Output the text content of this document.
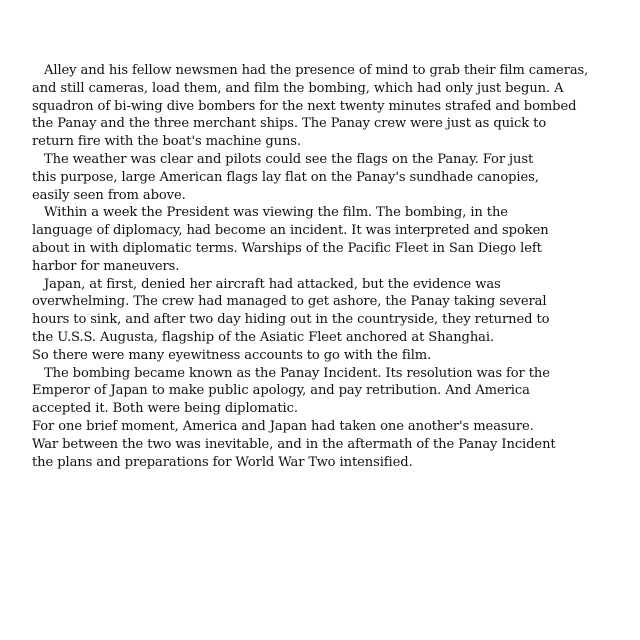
Alley and his fellow newsmen had the presence of mind to grab their film cameras,
and still cameras, load them, and film the bombing, which had only just begun. A
squadron of bi-wing dive bombers for the next twenty minutes strafed and bombed
the Panay and the three merchant ships. The Panay crew were just as quick to
return fire with the boat's machine guns.
The weather was clear and pilots could see the flags on the Panay. For just
this purpose, large American flags lay flat on the Panay's sundhade canopies,
easily seen from above.
Within a week the President was viewing the film. The bombing, in the
language of diplomacy, had become an incident. It was interpreted and spoken
about in with diplomatic terms. Warships of the Pacific Fleet in San Diego left
harbor for maneuvers.
Japan, at first, denied her aircraft had attacked, but the evidence was
overwhelming. The crew had managed to get ashore, the Panay taking several
hours to sink, and after two day hiding out in the countryside, they returned to
the U.S.S. Augusta, flagship of the Asiatic Fleet anchored at Shanghai.
So there were many eyewitness accounts to go with the film.
The bombing became known as the Panay Incident. Its resolution was for the
Emperor of Japan to make public apology, and pay retribution. And America
accepted it. Both were being diplomatic.
For one brief moment, America and Japan had taken one another's measure.
War between the two was inevitable, and in the aftermath of the Panay Incident
the plans and preparations for World War Two intensified.
